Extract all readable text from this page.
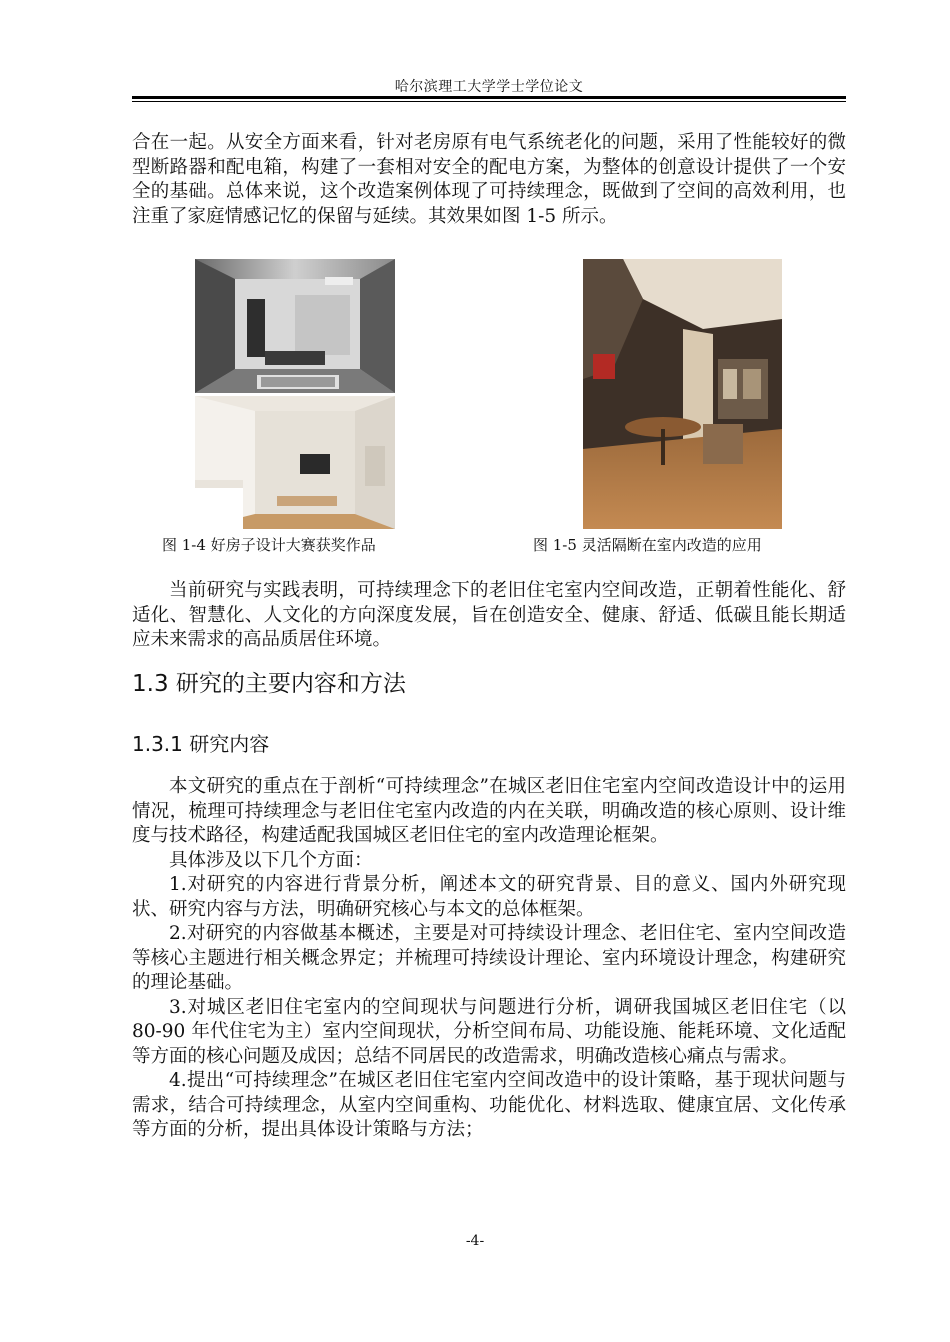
哈尔滨理工大学学士学位论文

合在一起。从安全方面来看，针对老房原有电气系统老化的问题，采用了性能较好的微型断路器和配电箱，构建了一套相对安全的配电方案，为整体的创意设计提供了一个安全的基础。总体来说，这个改造案例体现了可持续理念，既做到了空间的高效利用，也注重了家庭情感记忆的保留与延续。其效果如图 1-5 所示。

图 1-4 好房子设计大赛获奖作品	图 1-5 灵活隔断在室内改造的应用

当前研究与实践表明，可持续理念下的老旧住宅室内空间改造，正朝着性能化、舒适化、智慧化、人文化的方向深度发展，旨在创造安全、健康、舒适、低碳且能长期适应未来需求的高品质居住环境。

1.3 研究的主要内容和方法
1.3.1 研究内容

本文研究的重点在于剖析“可持续理念”在城区老旧住宅室内空间改造设计中的运用情况，梳理可持续理念与老旧住宅室内改造的内在关联，明确改造的核心原则、设计维度与技术路径，构建适配我国城区老旧住宅的室内改造理论框架。

具体涉及以下几个方面：

1.对研究的内容进行背景分析，阐述本文的研究背景、目的意义、国内外研究现状、研究内容与方法，明确研究核心与本文的总体框架。

2.对研究的内容做基本概述，主要是对可持续设计理念、老旧住宅、室内空间改造等核心主题进行相关概念界定；并梳理可持续设计理论、室内环境设计理念，构建研究的理论基础。

3.对城区老旧住宅室内的空间现状与问题进行分析，调研我国城区老旧住宅（以 80-90 年代住宅为主）室内空间现状，分析空间布局、功能设施、能耗环境、文化适配等方面的核心问题及成因；总结不同居民的改造需求，明确改造核心痛点与需求。

4.提出“可持续理念”在城区老旧住宅室内空间改造中的设计策略，基于现状问题与需求，结合可持续理念，从室内空间重构、功能优化、材料选取、健康宜居、文化传承等方面的分析，提出具体设计策略与方法；

-4-
